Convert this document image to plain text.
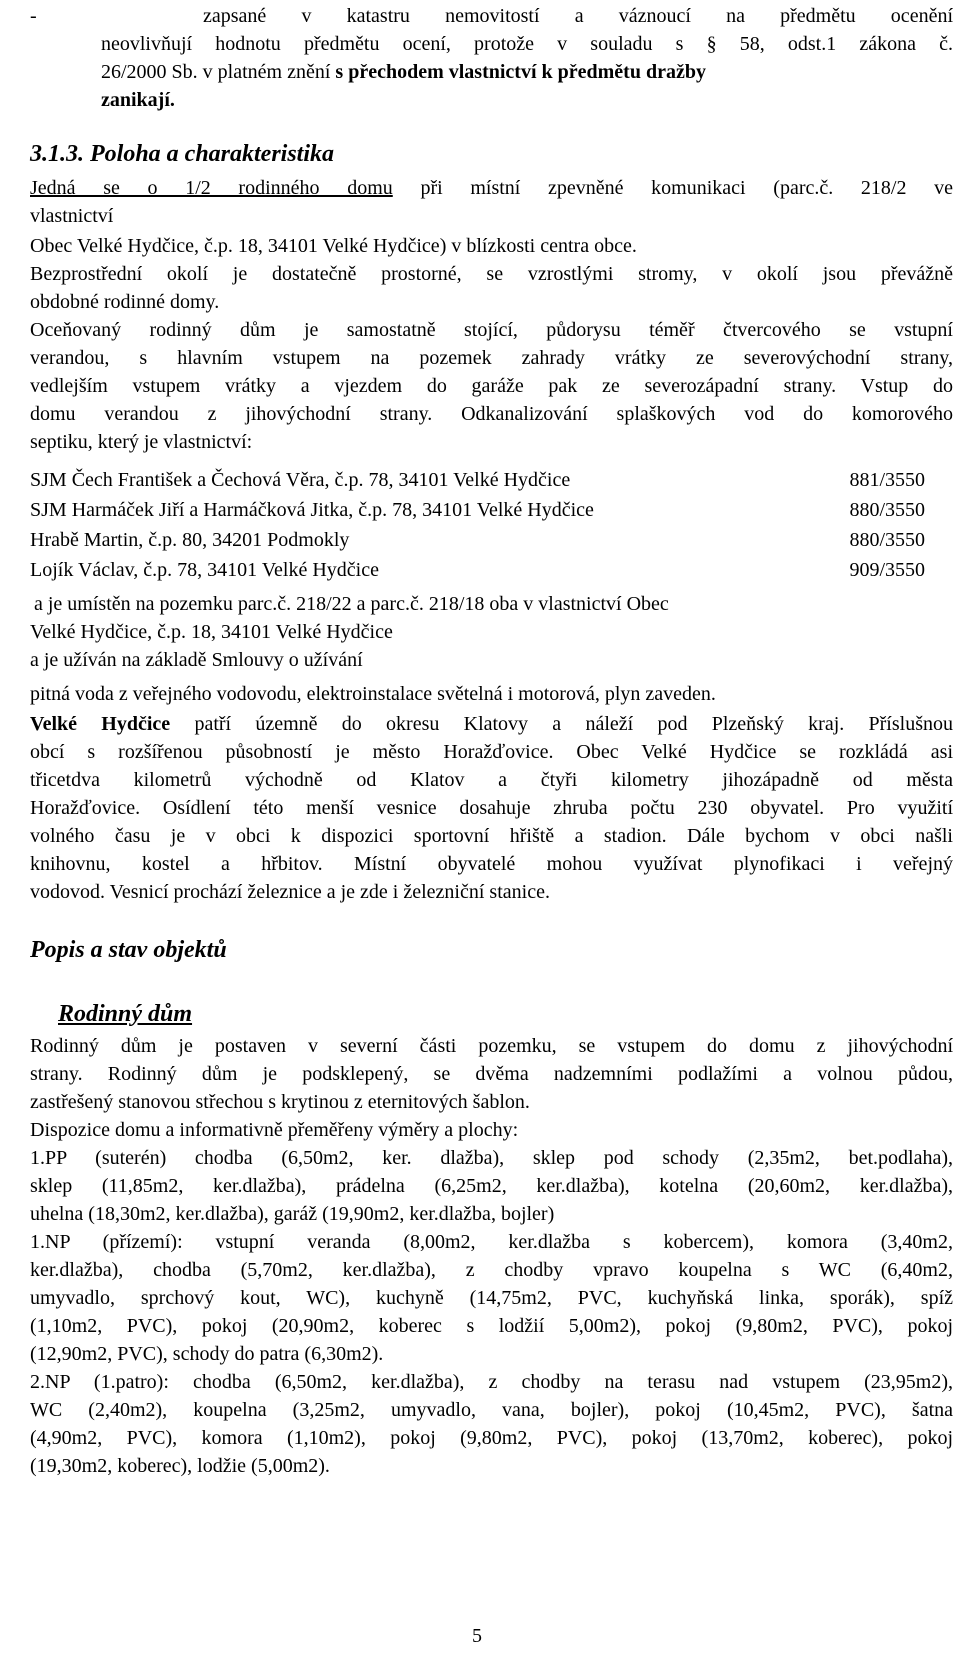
-	zapsané v katastru nemovitostí a váznoucí na předmětu ocenění
neovlivňují hodnotu předmětu ocení, protože v souladu s § 58, odst.1 zákona č.
26/2000 Sb. v platném znění s přechodem vlastnictví k předmětu dražby
zanikají.
3.1.3. Poloha a charakteristika
Jedná se o 1/2 rodinného domu při místní zpevněné komunikaci (parc.č. 218/2 ve
vlastnictví
Obec Velké Hydčice, č.p. 18, 34101 Velké Hydčice) v blízkosti centra obce.
Bezprostřední okolí je dostatečně prostorné, se vzrostlými stromy, v okolí jsou převážně
obdobné rodinné domy.
Oceňovaný rodinný dům je samostatně stojící, půdorysu téměř čtvercového se vstupní
verandou, s hlavním vstupem na pozemek zahrady vrátky ze severovýchodní strany,
vedlejším vstupem vrátky a vjezdem do garáže pak ze severozápadní strany. Vstup do
domu verandou z jihovýchodní strany. Odkanalizování splaškových vod do komorového
septiku, který je vlastnictví:
SJM Čech František a Čechová Věra, č.p. 78, 34101 Velké Hydčice	881/3550
SJM Harmáček Jiří a Harmáčková Jitka, č.p. 78, 34101 Velké Hydčice	880/3550
Hrabě Martin, č.p. 80, 34201 Podmokly	880/3550
Lojík Václav, č.p. 78, 34101 Velké Hydčice	909/3550
a je umístěn na pozemku parc.č. 218/22 a parc.č. 218/18 oba v vlastnictví Obec
Velké Hydčice, č.p. 18, 34101 Velké Hydčice
a je užíván na základě Smlouvy o užívání
pitná voda z veřejného vodovodu, elektroinstalace světelná i motorová, plyn zaveden.
Velké Hydčice patří územně do okresu Klatovy a náleží pod Plzeňský kraj. Příslušnou
obcí s rozšířenou působností je město Horažďovice. Obec Velké Hydčice se rozkládá asi
třicetdva kilometrů východně od Klatov a čtyři kilometry jihozápadně od města
Horažďovice. Osídlení této menší vesnice dosahuje zhruba počtu 230 obyvatel. Pro využití
volného času je v obci k dispozici sportovní hřiště a stadion. Dále bychom v obci našli
knihovnu, kostel a hřbitov. Místní obyvatelé mohou využívat plynofikaci i veřejný
vodovod. Vesnicí prochází železnice a je zde i železniční stanice.
Popis a stav objektů
Rodinný dům
Rodinný dům je postaven v severní části pozemku, se vstupem do domu z jihovýchodní
strany. Rodinný dům je podsklepený, se dvěma nadzemními podlažími a volnou půdou,
zastřešený stanovou střechou s krytinou z eternitových šablon.
Dispozice domu a informativně přeměřeny výměry a plochy:
1.PP (suterén) chodba (6,50m2, ker. dlažba), sklep pod schody (2,35m2, bet.podlaha),
sklep (11,85m2, ker.dlažba), prádelna (6,25m2, ker.dlažba), kotelna (20,60m2, ker.dlažba),
uhelna (18,30m2, ker.dlažba), garáž (19,90m2, ker.dlažba, bojler)
1.NP (přízemí): vstupní veranda (8,00m2, ker.dlažba s kobercem), komora (3,40m2,
ker.dlažba), chodba (5,70m2, ker.dlažba), z chodby vpravo koupelna s WC (6,40m2,
umyvadlo, sprchový kout, WC), kuchyně (14,75m2, PVC, kuchyňská linka, sporák), spíž
(1,10m2, PVC), pokoj (20,90m2, koberec s lodžií 5,00m2), pokoj (9,80m2, PVC), pokoj
(12,90m2, PVC), schody do patra (6,30m2).
2.NP (1.patro): chodba (6,50m2, ker.dlažba), z chodby na terasu nad vstupem (23,95m2),
WC (2,40m2), koupelna (3,25m2, umyvadlo, vana, bojler), pokoj (10,45m2, PVC), šatna
(4,90m2, PVC), komora (1,10m2), pokoj (9,80m2, PVC), pokoj (13,70m2, koberec), pokoj
(19,30m2, koberec), lodžie (5,00m2).
5
